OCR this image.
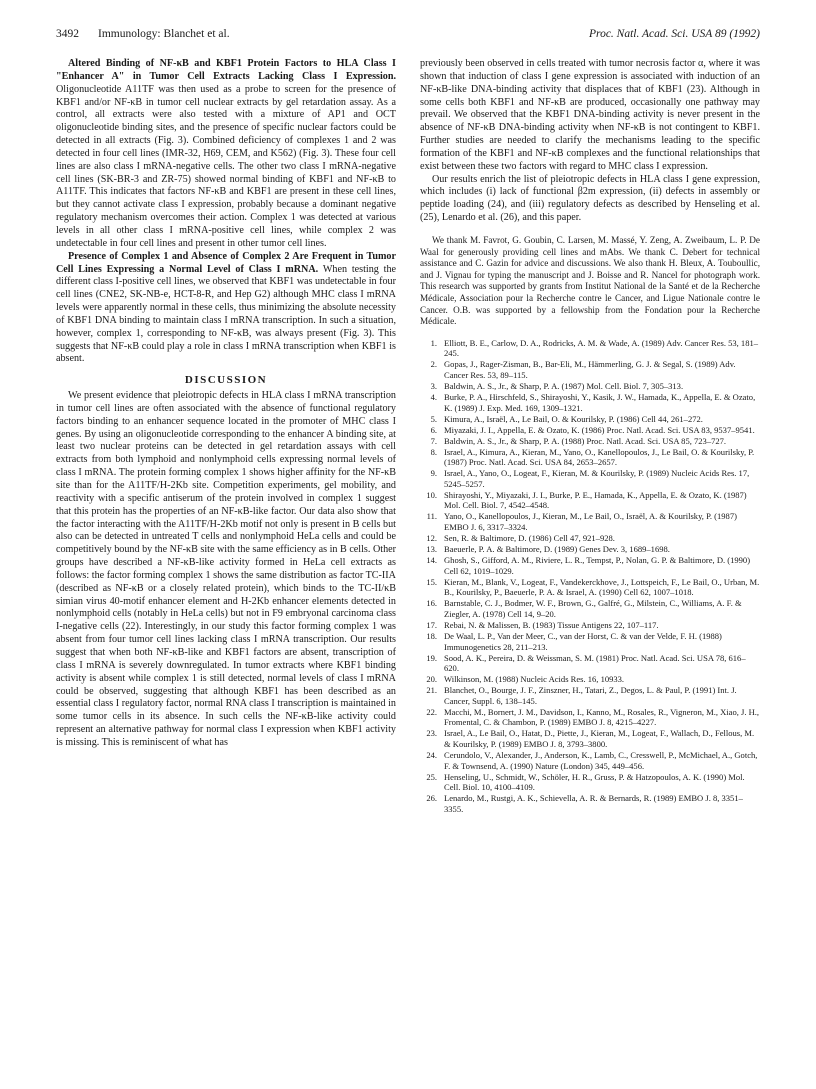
3492 Immunology: Blanchet et al.	Proc. Natl. Acad. Sci. USA 89 (1992)

Altered Binding of NF-κB and KBF1 Protein Factors to HLA Class I "Enhancer A" in Tumor Cell Extracts Lacking Class I Expression. Oligonucleotide A11TF was then used as a probe to screen for the presence of KBF1 and/or NF-κB in tumor cell nuclear extracts by gel retardation assay. As a control, all extracts were also tested with a mixture of AP1 and OCT oligonucleotide binding sites, and the presence of specific nuclear factors could be detected in all extracts (Fig. 3). Combined deficiency of complexes 1 and 2 was detected in four cell lines (IMR-32, H69, CEM, and K562) (Fig. 3). These four cell lines are also class I mRNA-negative cells. The other two class I mRNA-negative cell lines (SK-BR-3 and ZR-75) showed normal binding of KBF1 and NF-κB to A11TF. This indicates that factors NF-κB and KBF1 are present in these cell lines, but they cannot activate class I expression, probably because a dominant negative regulatory mechanism overcomes their action. Complex 1 was detected at various levels in all other class I mRNA-positive cell lines, while complex 2 was undetectable in four cell lines and present in other tumor cell lines.

Presence of Complex 1 and Absence of Complex 2 Are Frequent in Tumor Cell Lines Expressing a Normal Level of Class I mRNA. When testing the different class I-positive cell lines, we observed that KBF1 was undetectable in four cell lines (CNE2, SK-NB-e, HCT-8-R, and Hep G2) although MHC class I mRNA levels were apparently normal in these cells, thus minimizing the absolute necessity of KBF1 DNA binding to maintain class I mRNA transcription. In such a situation, however, complex 1, corresponding to NF-κB, was always present (Fig. 3). This suggests that NF-κB could play a role in class I mRNA transcription when KBF1 is absent.

DISCUSSION

We present evidence that pleiotropic defects in HLA class I mRNA transcription in tumor cell lines are often associated with the absence of functional regulatory factors binding to an enhancer sequence located in the promoter of MHC class I genes. By using an oligonucleotide corresponding to the enhancer A binding site, at least two nuclear proteins can be detected in gel retardation assays with cell extracts from both lymphoid and nonlymphoid cells expressing normal levels of class I mRNA. The protein forming complex 1 shows higher affinity for the NF-κB site than for the A11TF/H-2Kb site. Competition experiments, gel mobility, and reactivity with a specific antiserum of the protein involved in complex 1 suggest that this protein has the properties of an NF-κB-like factor. Our data also show that the factor interacting with the A11TF/H-2Kb motif not only is present in B cells but also can be detected in untreated T cells and nonlymphoid HeLa cells and could be competitively bound by the NF-κB site with the same efficiency as in B cells. Other groups have described a NF-κB-like activity formed in HeLa cell extracts as follows: the factor forming complex 1 shows the same distribution as factor TC-IIA (described as NF-κB or a closely related protein), which binds to the TC-II/κB simian virus 40-motif enhancer element and H-2Kb enhancer elements detected in nonlymphoid cells (notably in HeLa cells) but not in F9 embryonal carcinoma class I-negative cells (22). Interestingly, in our study this factor forming complex 1 was absent from four tumor cell lines lacking class I mRNA transcription. Our results suggest that when both NF-κB-like and KBF1 factors are absent, transcription of class I mRNA is severely downregulated. In tumor extracts where KBF1 binding activity is absent while complex 1 is still detected, normal levels of class I mRNA could be observed, suggesting that although KBF1 has been described as an essential class I regulatory factor, normal RNA class I transcription is maintained in some tumor cells in its absence. In such cells the NF-κB-like activity could represent an alternative pathway for normal class I expression when KBF1 activity is missing. This is reminiscent of what has

previously been observed in cells treated with tumor necrosis factor α, where it was shown that induction of class I gene expression is associated with induction of an NF-κB-like DNA-binding activity that displaces that of KBF1 (23). Although in some cells both KBF1 and NF-κB are produced, occasionally one pathway may prevail. We observed that the KBF1 DNA-binding activity is never present in the absence of NF-κB DNA-binding activity when NF-κB is not contingent to KBF1. Further studies are needed to clarify the mechanisms leading to the specific formation of the KBF1 and NF-κB complexes and the functional relationships that exist between these two factors with regard to MHC class I expression.

Our results enrich the list of pleiotropic defects in HLA class I gene expression, which includes (i) lack of functional β2m expression, (ii) defects in assembly or peptide loading (24), and (iii) regulatory defects as described by Henseling et al. (25), Lenardo et al. (26), and this paper.

We thank M. Favrot, G. Goubin, C. Larsen, M. Massé, Y. Zeng, A. Zweibaum, L. P. De Waal for generously providing cell lines and mAbs. We thank C. Debert for technical assistance and C. Gazin for advice and discussions. We also thank H. Bleux, A. Touboullic, and J. Vignau for typing the manuscript and J. Boisse and R. Nancel for photograph work. This research was supported by grants from Institut National de la Santé et de la Recherche Médicale, Association pour la Recherche contre le Cancer, and Ligue Nationale contre le Cancer. O.B. was supported by a fellowship from the Fondation pour la Recherche Médicale.

1. Elliott, B. E., Carlow, D. A., Rodricks, A. M. & Wade, A. (1989) Adv. Cancer Res. 53, 181–245.
2. Gopas, J., Rager-Zisman, B., Bar-Eli, M., Hämmerling, G. J. & Segal, S. (1989) Adv. Cancer Res. 53, 89–115.
3. Baldwin, A. S., Jr., & Sharp, P. A. (1987) Mol. Cell. Biol. 7, 305–313.
4. Burke, P. A., Hirschfeld, S., Shirayoshi, Y., Kasik, J. W., Hamada, K., Appella, E. & Ozato, K. (1989) J. Exp. Med. 169, 1309–1321.
5. Kimura, A., Israël, A., Le Bail, O. & Kourilsky, P. (1986) Cell 44, 261–272.
6. Miyazaki, J. I., Appella, E. & Ozato, K. (1986) Proc. Natl. Acad. Sci. USA 83, 9537–9541.
7. Baldwin, A. S., Jr., & Sharp, P. A. (1988) Proc. Natl. Acad. Sci. USA 85, 723–727.
8. Israel, A., Kimura, A., Kieran, M., Yano, O., Kanellopoulos, J., Le Bail, O. & Kourilsky, P. (1987) Proc. Natl. Acad. Sci. USA 84, 2653–2657.
9. Israel, A., Yano, O., Logeat, F., Kieran, M. & Kourilsky, P. (1989) Nucleic Acids Res. 17, 5245–5257.
10. Shirayoshi, Y., Miyazaki, J. I., Burke, P. E., Hamada, K., Appella, E. & Ozato, K. (1987) Mol. Cell. Biol. 7, 4542–4548.
11. Yano, O., Kanellopoulos, J., Kieran, M., Le Bail, O., Israël, A. & Kourilsky, P. (1987) EMBO J. 6, 3317–3324.
12. Sen, R. & Baltimore, D. (1986) Cell 47, 921–928.
13. Baeuerle, P. A. & Baltimore, D. (1989) Genes Dev. 3, 1689–1698.
14. Ghosh, S., Gifford, A. M., Riviere, L. R., Tempst, P., Nolan, G. P. & Baltimore, D. (1990) Cell 62, 1019–1029.
15. Kieran, M., Blank, V., Logeat, F., Vandekerckhove, J., Lottspeich, F., Le Bail, O., Urban, M. B., Kourilsky, P., Baeuerle, P. A. & Israel, A. (1990) Cell 62, 1007–1018.
16. Barnstable, C. J., Bodmer, W. F., Brown, G., Galfré, G., Milstein, C., Williams, A. F. & Ziegler, A. (1978) Cell 14, 9–20.
17. Rebai, N. & Malissen, B. (1983) Tissue Antigens 22, 107–117.
18. De Waal, L. P., Van der Meer, C., van der Horst, C. & van der Velde, F. H. (1988) Immunogenetics 28, 211–213.
19. Sood, A. K., Pereira, D. & Weissman, S. M. (1981) Proc. Natl. Acad. Sci. USA 78, 616–620.
20. Wilkinson, M. (1988) Nucleic Acids Res. 16, 10933.
21. Blanchet, O., Bourge, J. F., Zinszner, H., Tatari, Z., Degos, L. & Paul, P. (1991) Int. J. Cancer, Suppl. 6, 138–145.
22. Macchi, M., Bornert, J. M., Davidson, I., Kanno, M., Rosales, R., Vigneron, M., Xiao, J. H., Fromental, C. & Chambon, P. (1989) EMBO J. 8, 4215–4227.
23. Israel, A., Le Bail, O., Hatat, D., Piette, J., Kieran, M., Logeat, F., Wallach, D., Fellous, M. & Kourilsky, P. (1989) EMBO J. 8, 3793–3800.
24. Cerundolo, V., Alexander, J., Anderson, K., Lamb, C., Cresswell, P., McMichael, A., Gotch, F. & Townsend, A. (1990) Nature (London) 345, 449–456.
25. Henseling, U., Schmidt, W., Schöler, H. R., Gruss, P. & Hatzopoulos, A. K. (1990) Mol. Cell. Biol. 10, 4100–4109.
26. Lenardo, M., Rustgi, A. K., Schievella, A. R. & Bernards, R. (1989) EMBO J. 8, 3351–3355.
